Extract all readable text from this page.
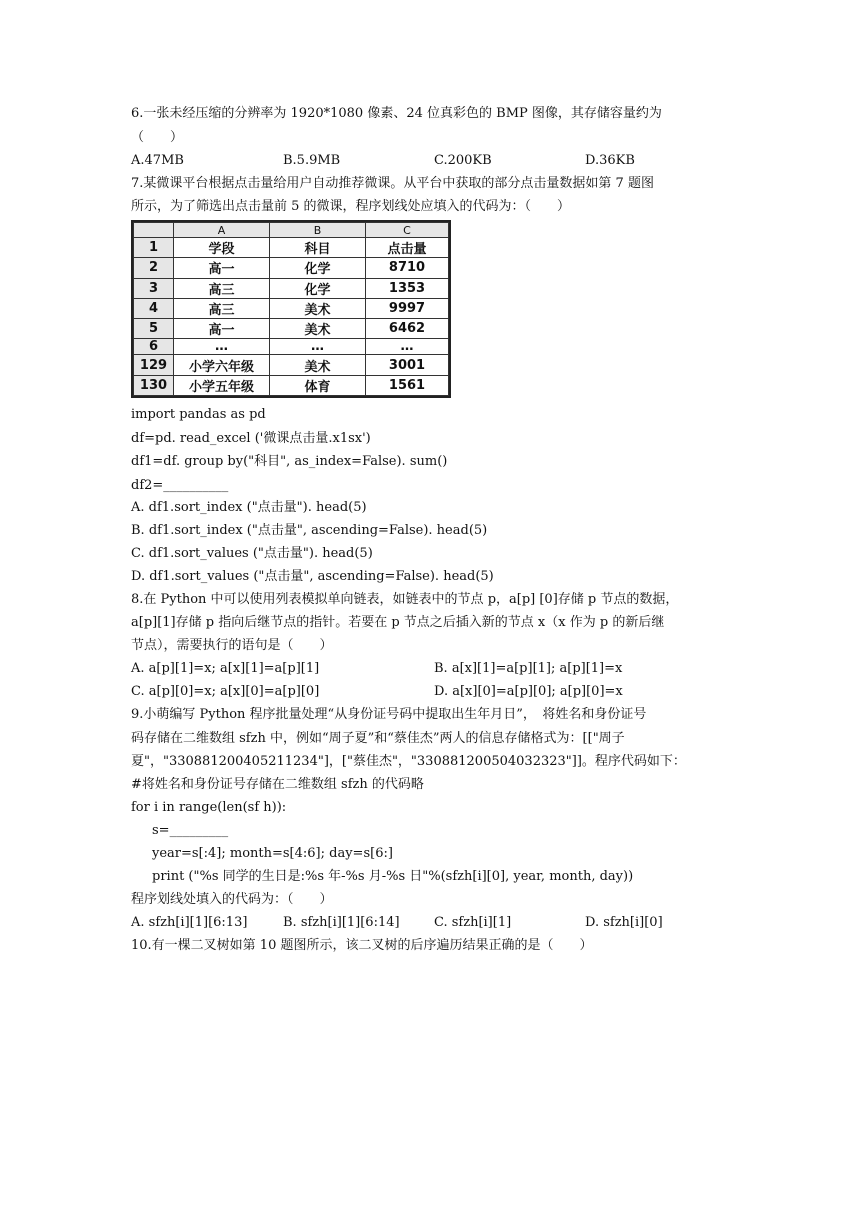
6.一张未经压缩的分辨率为 1920*1080 像素、24 位真彩色的 BMP 图像，其存储容量约为
（　　）
A.47MB	B.5.9MB	C.200KB	D.36KB
7.某微课平台根据点击量给用户自动推荐微课。从平台中获取的部分点击量数据如第 7 题图
所示，为了筛选出点击量前 5 的微课，程序划线处应填入的代码为：（　　）
	A	B	C
1	学段	科目	点击量
2	高一	化学	8710
3	高三	化学	1353
4	高三	美术	9997
5	高一	美术	6462
6	…	…	…
129	小学六年级	美术	3001
130	小学五年级	体育	1561
import pandas as pd
df=pd. read_excel ('微课点击量.x1sx')
df1=df. group by("科目", as_index=False). sum()
df2=__________
A. df1.sort_index ("点击量"). head(5)
B. df1.sort_index ("点击量", ascending=False). head(5)
C. df1.sort_values ("点击量"). head(5)
D. df1.sort_values ("点击量", ascending=False). head(5)
8.在 Python 中可以使用列表模拟单向链表，如链表中的节点 p，a[p] [0]存储 p 节点的数据，
a[p][1]存储 p 指向后继节点的指针。若要在 p 节点之后插入新的节点 x（x 作为 p 的新后继
节点），需要执行的语句是（　　）
A. a[p][1]=x; a[x][1]=a[p][1]	B. a[x][1]=a[p][1]; a[p][1]=x
C. a[p][0]=x; a[x][0]=a[p][0]	D. a[x][0]=a[p][0]; a[p][0]=x
9.小萌编写 Python 程序批量处理“从身份证号码中提取出生年月日”，　将姓名和身份证号
码存储在二维数组 sfzh 中，例如“周子夏”和“蔡佳杰”两人的信息存储格式为：[["周子
夏"，"330881200405211234"]，["蔡佳杰"，"330881200504032323"]]。程序代码如下：
#将姓名和身份证号存储在二维数组 sfzh 的代码略
for i in range(len(sf h)):
s=_________
year=s[:4]; month=s[4:6]; day=s[6:]
print ("%s 同学的生日是:%s 年-%s 月-%s 日"%(sfzh[i][0], year, month, day))
程序划线处填入的代码为：（　　）
A. sfzh[i][1][6:13]	B. sfzh[i][1][6:14]	C. sfzh[i][1]	D. sfzh[i][0]
10.有一棵二叉树如第 10 题图所示，该二叉树的后序遍历结果正确的是（　　）
